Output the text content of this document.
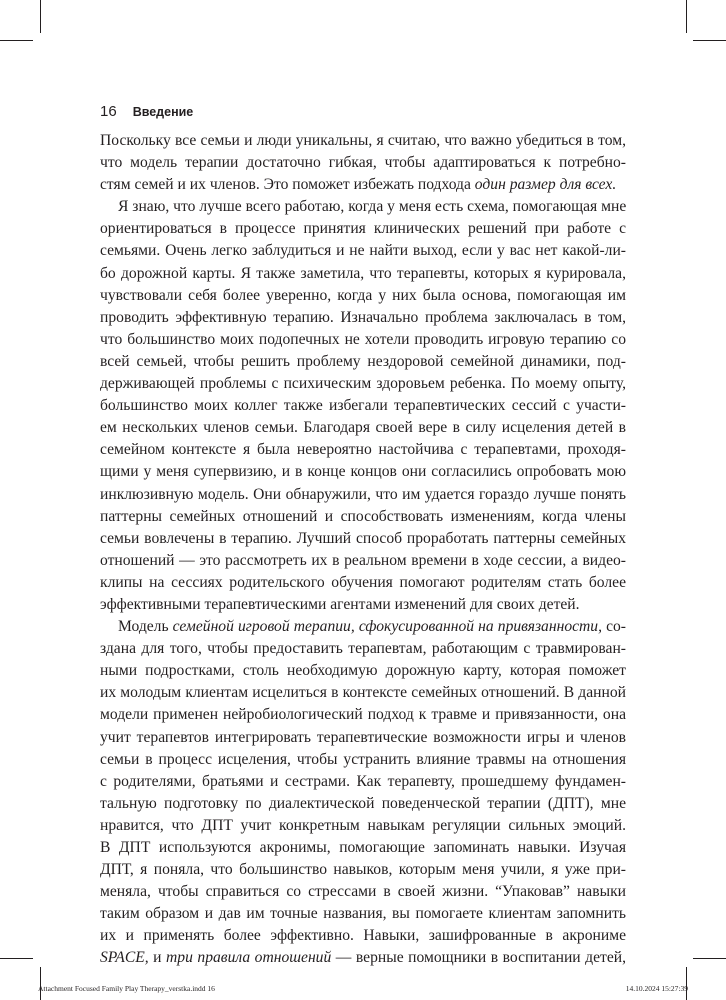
16 Введение
Поскольку все семьи и люди уникальны, я считаю, что важно убедиться в том,
что модель терапии достаточно гибкая, чтобы адаптироваться к потребно-
стям семей и их членов. Это поможет избежать подхода один размер для всех.
Я знаю, что лучше всего работаю, когда у меня есть схема, помогающая мне
ориентироваться в процессе принятия клинических решений при работе с
семьями. Очень легко заблудиться и не найти выход, если у вас нет какой-ли-
бо дорожной карты. Я также заметила, что терапевты, которых я курировала,
чувствовали себя более уверенно, когда у них была основа, помогающая им
проводить эффективную терапию. Изначально проблема заключалась в том,
что большинство моих подопечных не хотели проводить игровую терапию со
всей семьей, чтобы решить проблему нездоровой семейной динамики, под-
держивающей проблемы с психическим здоровьем ребенка. По моему опыту,
большинство моих коллег также избегали терапевтических сессий с участи-
ем нескольких членов семьи. Благодаря своей вере в силу исцеления детей в
семейном контексте я была невероятно настойчива с терапевтами, проходя-
щими у меня супервизию, и в конце концов они согласились опробовать мою
инклюзивную модель. Они обнаружили, что им удается гораздо лучше понять
паттерны семейных отношений и способствовать изменениям, когда члены
семьи вовлечены в терапию. Лучший способ проработать паттерны семейных
отношений — это рассмотреть их в реальном времени в ходе сессии, а видео-
клипы на сессиях родительского обучения помогают родителям стать более
эффективными терапевтическими агентами изменений для своих детей.
Модель семейной игровой терапии, сфокусированной на привязанности, со-
здана для того, чтобы предоставить терапевтам, работающим с травмирован-
ными подростками, столь необходимую дорожную карту, которая поможет
их молодым клиентам исцелиться в контексте семейных отношений. В данной
модели применен нейробиологический подход к травме и привязанности, она
учит терапевтов интегрировать терапевтические возможности игры и членов
семьи в процесс исцеления, чтобы устранить влияние травмы на отношения
с родителями, братьями и сестрами. Как терапевту, прошедшему фундамен-
тальную подготовку по диалектической поведенческой терапии (ДПТ), мне
нравится, что ДПТ учит конкретным навыкам регуляции сильных эмоций.
В ДПТ используются акронимы, помогающие запоминать навыки. Изучая
ДПТ, я поняла, что большинство навыков, которым меня учили, я уже при-
меняла, чтобы справиться со стрессами в своей жизни. “Упаковав” навыки
таким образом и дав им точные названия, вы помогаете клиентам запомнить
их и применять более эффективно. Навыки, зашифрованные в акрониме
SPACE, и три правила отношений — верные помощники в воспитании детей,
Attachment Focused Family Play Therapy_verstka.indd 16	14.10.2024 15:27:39
